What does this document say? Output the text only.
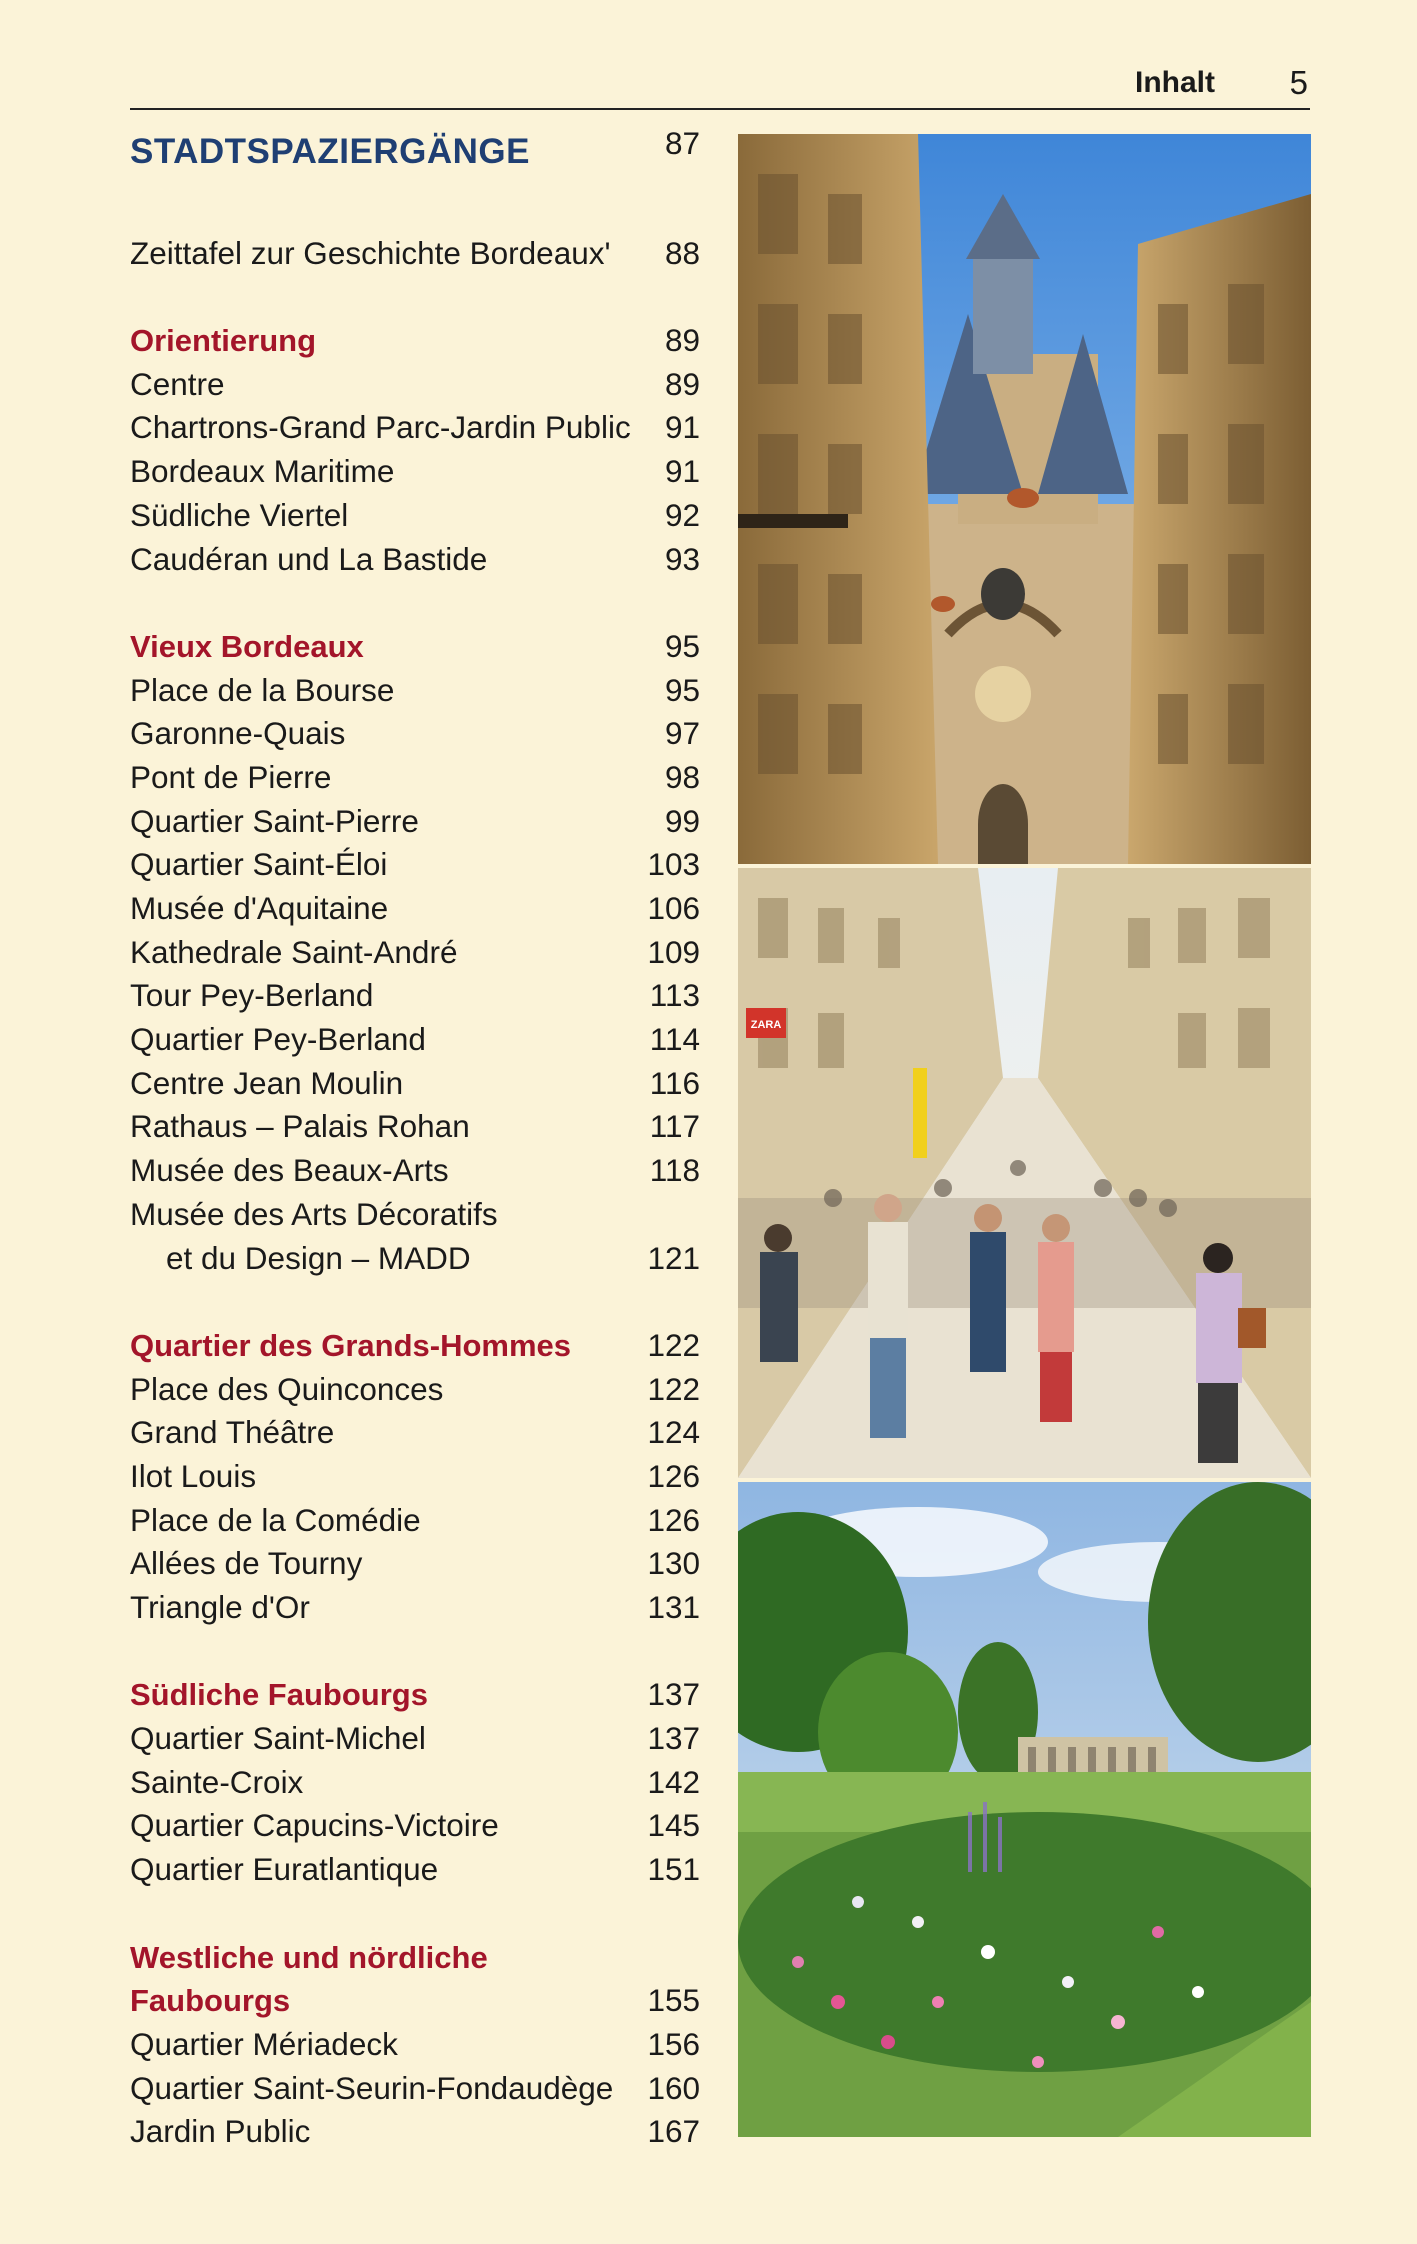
Inhalt 5
STADTSPAZIERGÄNGE	87
Zeittafel zur Geschichte Bordeaux' 88
Orientierung	89
Centre	89
Chartrons-Grand Parc-Jardin Public 91
Bordeaux Maritime	91
Südliche Viertel	92
Caudéran und La Bastide	93
Vieux Bordeaux	95
Place de la Bourse	95
Garonne-Quais	97
Pont de Pierre	98
Quartier Saint-Pierre	99
Quartier Saint-Éloi	103
Musée d'Aquitaine	106
Kathedrale Saint-André	109
Tour Pey-Berland	113
Quartier Pey-Berland	114
Centre Jean Moulin	116
Rathaus – Palais Rohan	117
Musée des Beaux-Arts	118
Musée des Arts Décoratifs
et du Design – MADD	121
Quartier des Grands-Hommes 122
Place des Quinconces	122
Grand Théâtre	124
Ilot Louis	126
Place de la Comédie	126
Allées de Tourny	130
Triangle d'Or	131
Südliche Faubourgs	137
Quartier Saint-Michel	137
Sainte-Croix	142
Quartier Capucins-Victoire	145
Quartier Euratlantique	151
Westliche und nördliche
Faubourgs	155
Quartier Mériadeck	156
Quartier Saint-Seurin-Fondaudège 160
Jardin Public	167
ZARA
